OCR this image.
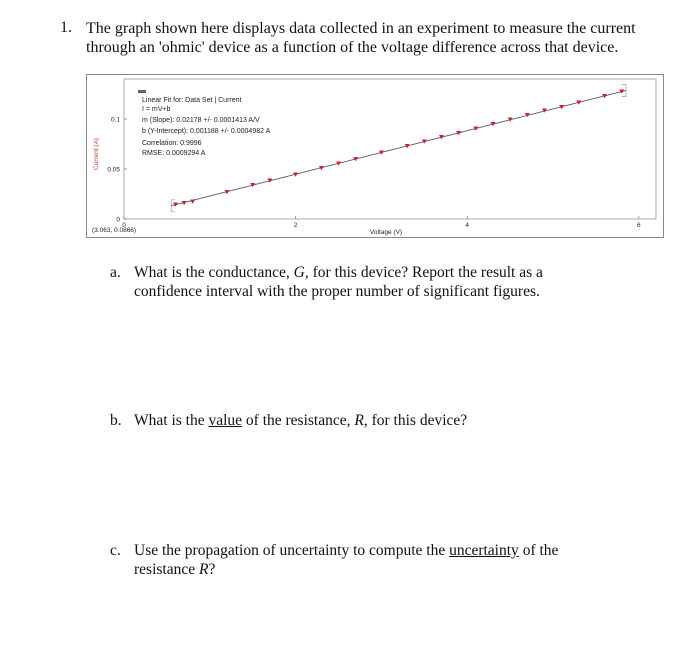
1. The graph shown here displays data collected in an experiment to measure the current through an 'ohmic' device as a function of the voltage difference across that device.
Current (A)
Voltage (V)
(3.063, 0.0866)
Linear Fit for: Data Set | Current
I = mV+b
m (Slope): 0.02178 +/- 0.0001413 A/V
b (Y-Intercept): 0.001188 +/- 0.0004982 A
Correlation: 0.9996
RMSE: 0.0009294 A
0	2	4	6
0
0.05
0.1
a. What is the conductance, G, for this device? Report the result as a confidence interval with the proper number of significant figures.
b. What is the value of the resistance, R, for this device?
c. Use the propagation of uncertainty to compute the uncertainty of the resistance R?
